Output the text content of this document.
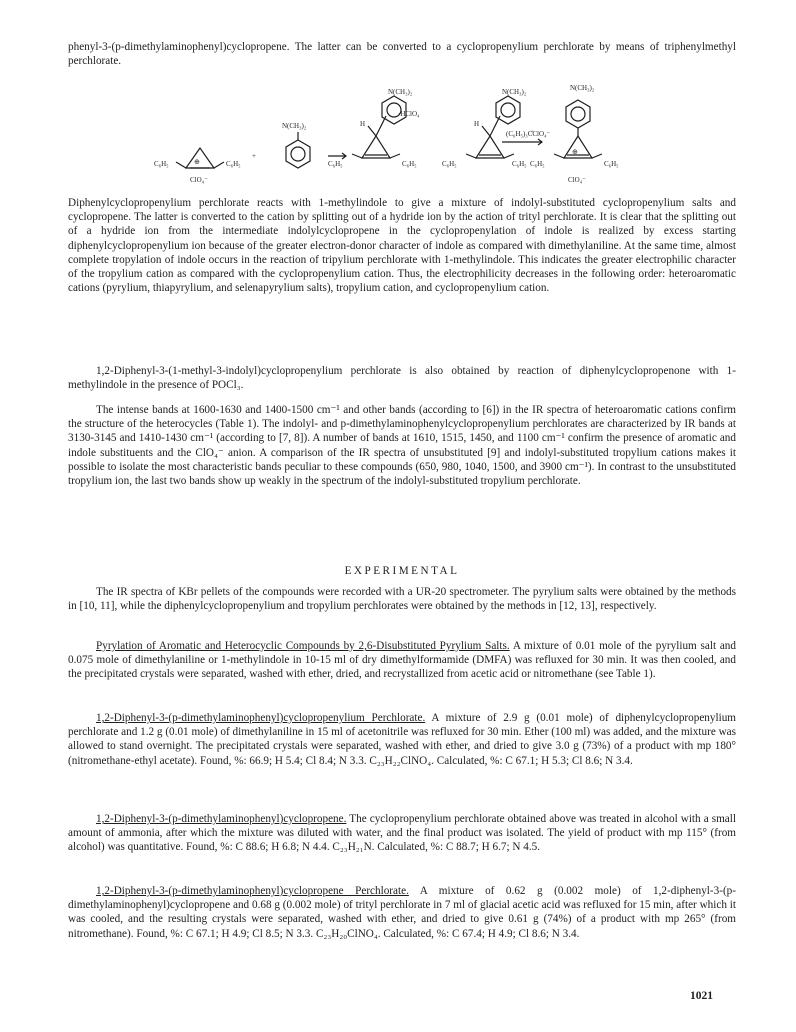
phenyl-3-(p-dimethylaminophenyl)cyclopropene. The latter can be converted to a cyclopropenylium perchlorate by means of triphenylmethyl perchlorate.

⊕
C₆H₅	C₆H₅
ClO₄⁻
+
N(CH₃)₂
N(CH₃)₂
·HClO₄
H
C₆H₅	C₆H₅
N(CH₃)₂
H
C₆H₅	C₆H₅
(C₆H₅)₃C̊ClO₄⁻
N(CH₃)₂
⊕
C₆H₅	C₆H₅
ClO₄⁻

Diphenylcyclopropenylium perchlorate reacts with 1-methylindole to give a mixture of indolyl-substituted cyclopropenylium salts and cyclopropene. The latter is converted to the cation by splitting out of a hydride ion by the action of trityl perchlorate. It is clear that the splitting out of a hydride ion from the intermediate indolylcyclopropene in the cyclopropenylation of indole is realized by excess starting diphenylcyclopropenylium ion because of the greater electron-donor character of indole as compared with dimethylaniline. At the same time, almost complete tropylation of indole occurs in the reaction of tripylium perchlorate with 1-methylindole. This indicates the greater electrophilic character of the tropylium cation as compared with the cyclopropenylium cation. Thus, the electrophilicity decreases in the following order: heteroaromatic cations (pyrylium, thiapyrylium, and selenapyrylium salts), tropylium cation, and cyclopropenylium cation.

1,2-Diphenyl-3-(1-methyl-3-indolyl)cyclopropenylium perchlorate is also obtained by reaction of diphenylcyclopropenone with 1-methylindole in the presence of POCl₃.

The intense bands at 1600-1630 and 1400-1500 cm⁻¹ and other bands (according to [6]) in the IR spectra of heteroaromatic cations confirm the structure of the heterocycles (Table 1). The indolyl- and p-dimethylaminophenylcyclopropenylium perchlorates are characterized by IR bands at 3130-3145 and 1410-1430 cm⁻¹ (according to [7, 8]). A number of bands at 1610, 1515, 1450, and 1100 cm⁻¹ confirm the presence of aromatic and indole substituents and the ClO₄⁻ anion. A comparison of the IR spectra of unsubstituted [9] and indolyl-substituted tropylium cations makes it possible to isolate the most characteristic bands peculiar to these compounds (650, 980, 1040, 1500, and 3900 cm⁻¹). In contrast to the unsubstituted tropylium ion, the last two bands show up weakly in the spectrum of the indolyl-substituted tropylium perchlorate.

EXPERIMENTAL

The IR spectra of KBr pellets of the compounds were recorded with a UR-20 spectrometer. The pyrylium salts were obtained by the methods in [10, 11], while the diphenylcyclopropenylium and tropylium perchlorates were obtained by the methods in [12, 13], respectively.

Pyrylation of Aromatic and Heterocyclic Compounds by 2,6-Disubstituted Pyrylium Salts. A mixture of 0.01 mole of the pyrylium salt and 0.075 mole of dimethylaniline or 1-methylindole in 10-15 ml of dry dimethylformamide (DMFA) was refluxed for 30 min. It was then cooled, and the precipitated crystals were separated, washed with ether, dried, and recrystallized from acetic acid or nitromethane (see Table 1).

1,2-Diphenyl-3-(p-dimethylaminophenyl)cyclopropenylium Perchlorate. A mixture of 2.9 g (0.01 mole) of diphenylcyclopropenylium perchlorate and 1.2 g (0.01 mole) of dimethylaniline in 15 ml of acetonitrile was refluxed for 30 min. Ether (100 ml) was added, and the mixture was allowed to stand overnight. The precipitated crystals were separated, washed with ether, and dried to give 3.0 g (73%) of a product with mp 180° (nitromethane-ethyl acetate). Found, %: 66.9; H 5.4; Cl 8.4; N 3.3. C₂₃H₂₂ClNO₄. Calculated, %: C 67.1; H 5.3; Cl 8.6; N 3.4.

1,2-Diphenyl-3-(p-dimethylaminophenyl)cyclopropene. The cyclopropenylium perchlorate obtained above was treated in alcohol with a small amount of ammonia, after which the mixture was diluted with water, and the final product was isolated. The yield of product with mp 115° (from alcohol) was quantitative. Found, %: C 88.6; H 6.8; N 4.4. C₂₃H₂₁N. Calculated, %: C 88.7; H 6.7; N 4.5.

1,2-Diphenyl-3-(p-dimethylaminophenyl)cyclopropene Perchlorate. A mixture of 0.62 g (0.002 mole) of 1,2-diphenyl-3-(p-dimethylaminophenyl)cyclopropene and 0.68 g (0.002 mole) of trityl perchlorate in 7 ml of glacial acetic acid was refluxed for 15 min, after which it was cooled, and the resulting crystals were separated, washed with ether, and dried to give 0.61 g (74%) of a product with mp 265° (from nitromethane). Found, %: C 67.1; H 4.9; Cl 8.5; N 3.3. C₂₃H₂₀ClNO₄. Calculated, %: C 67.4; H 4.9; Cl 8.6; N 3.4.

1021
